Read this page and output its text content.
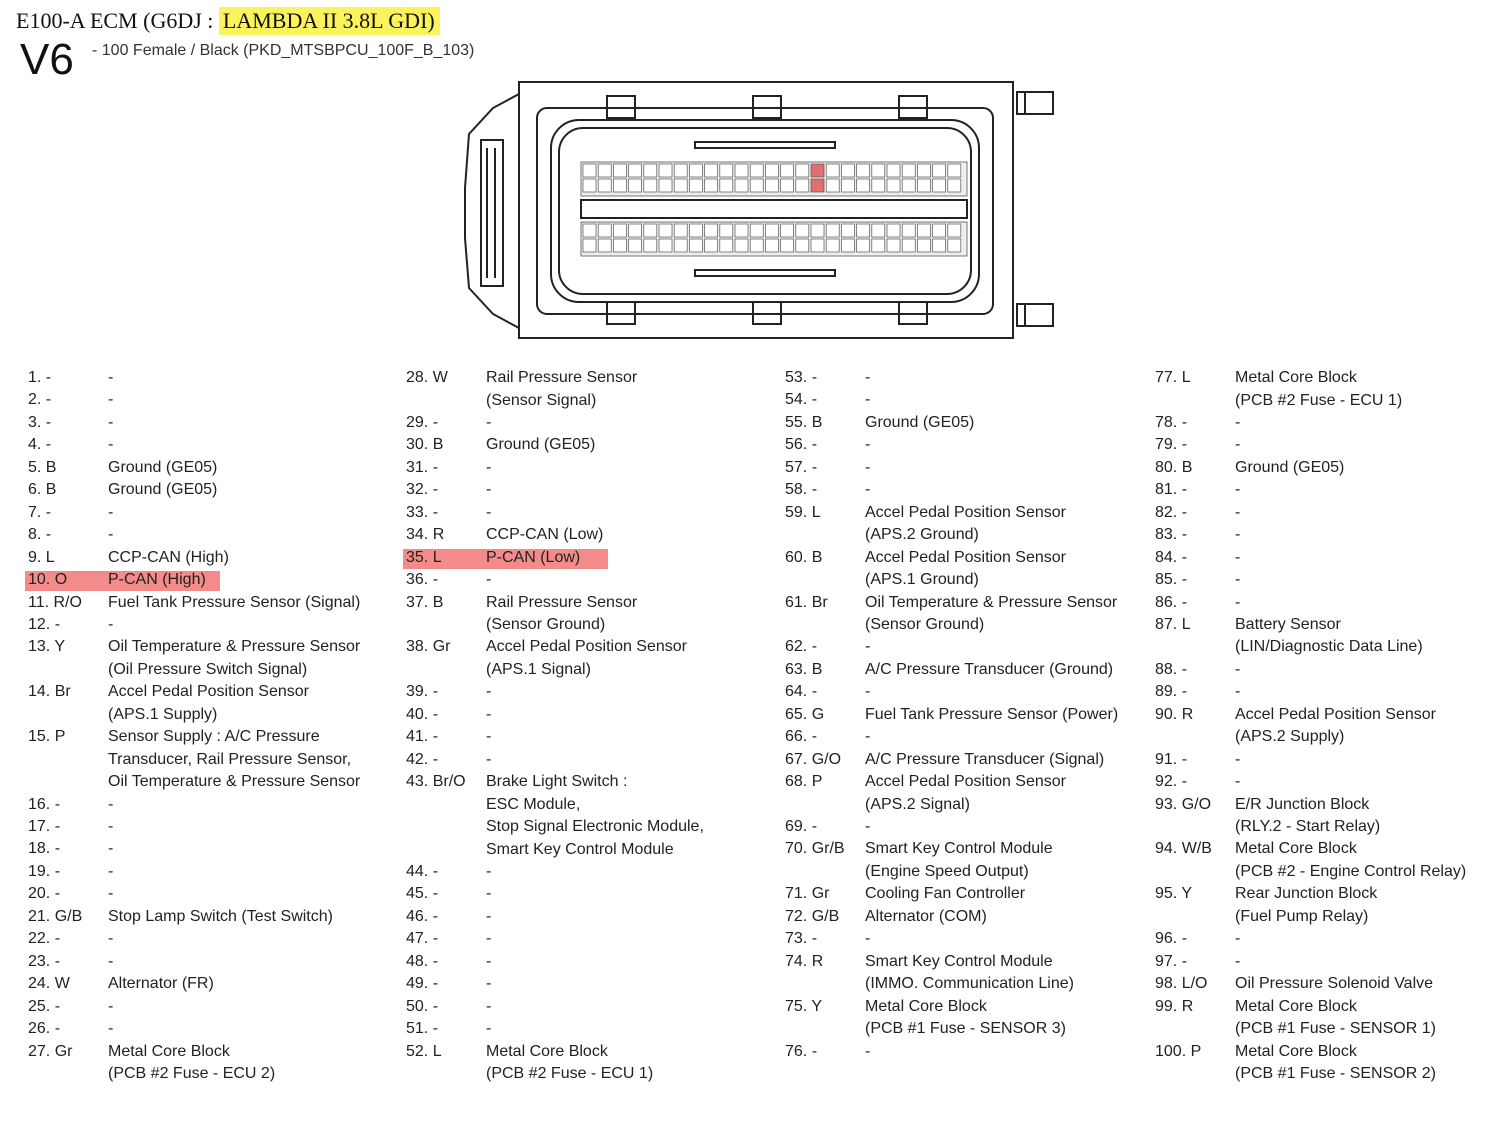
E100-A ECM (G6DJ : LAMBDA II 3.8L GDI)
V6 - 100 Female / Black (PKD_MTSBPCU_100F_B_103)
1. -	-
2. -	-
3. -	-
4. -	-
5. B	Ground (GE05)
6. B	Ground (GE05)
7. -	-
8. -	-
9. L	CCP-CAN (High)
10. O	P-CAN (High)
11. R/O Fuel Tank Pressure Sensor (Signal)
12. -	-
13. Y	Oil Temperature & Pressure Sensor
(Oil Pressure Switch Signal)
14. Br Accel Pedal Position Sensor
(APS.1 Supply)
15. P	Sensor Supply : A/C Pressure
Transducer, Rail Pressure Sensor,
Oil Temperature & Pressure Sensor
16. -	-
17. -	-
18. -	-
19. -	-
20. -	-
21. G/B Stop Lamp Switch (Test Switch)
22. -	-
23. -	-
24. W Alternator (FR)
25. -	-
26. -	-
27. Gr Metal Core Block
(PCB #2 Fuse - ECU 2)
28. W Rail Pressure Sensor
(Sensor Signal)
29. -	-
30. B	Ground (GE05)
31. -	-
32. -	-
33. -	-
34. R	CCP-CAN (Low)
35. L	P-CAN (Low)
36. -	-
37. B	Rail Pressure Sensor
(Sensor Ground)
38. Gr Accel Pedal Position Sensor
(APS.1 Signal)
39. -	-
40. -	-
41. -	-
42. -	-
43. Br/O Brake Light Switch :
ESC Module,
Stop Signal Electronic Module,
Smart Key Control Module
44. -	-
45. -	-
46. -	-
47. -	-
48. -	-
49. -	-
50. -	-
51. -	-
52. L	Metal Core Block
(PCB #2 Fuse - ECU 1)
53. -	-
54. -	-
55. B	Ground (GE05)
56. -	-
57. -	-
58. -	-
59. L	Accel Pedal Position Sensor
(APS.2 Ground)
60. B	Accel Pedal Position Sensor
(APS.1 Ground)
61. Br Oil Temperature & Pressure Sensor
(Sensor Ground)
62. -	-
63. B	A/C Pressure Transducer (Ground)
64. -	-
65. G	Fuel Tank Pressure Sensor (Power)
66. -	-
67. G/O A/C Pressure Transducer (Signal)
68. P	Accel Pedal Position Sensor
(APS.2 Signal)
69. -	-
70. Gr/B Smart Key Control Module
(Engine Speed Output)
71. Gr Cooling Fan Controller
72. G/B Alternator (COM)
73. -	-
74. R	Smart Key Control Module
(IMMO. Communication Line)
75. Y	Metal Core Block
(PCB #1 Fuse - SENSOR 3)
76. -	-
77. L	Metal Core Block
(PCB #2 Fuse - ECU 1)
78. -	-
79. -	-
80. B	Ground (GE05)
81. -	-
82. -	-
83. -	-
84. -	-
85. -	-
86. -	-
87. L	Battery Sensor
(LIN/Diagnostic Data Line)
88. -	-
89. -	-
90. R	Accel Pedal Position Sensor
(APS.2 Supply)
91. -	-
92. -	-
93. G/O E/R Junction Block
(RLY.2 - Start Relay)
94. W/B Metal Core Block
(PCB #2 - Engine Control Relay)
95. Y	Rear Junction Block
(Fuel Pump Relay)
96. -	-
97. -	-
98. L/O Oil Pressure Solenoid Valve
99. R	Metal Core Block
(PCB #1 Fuse - SENSOR 1)
100. P Metal Core Block
(PCB #1 Fuse - SENSOR 2)
